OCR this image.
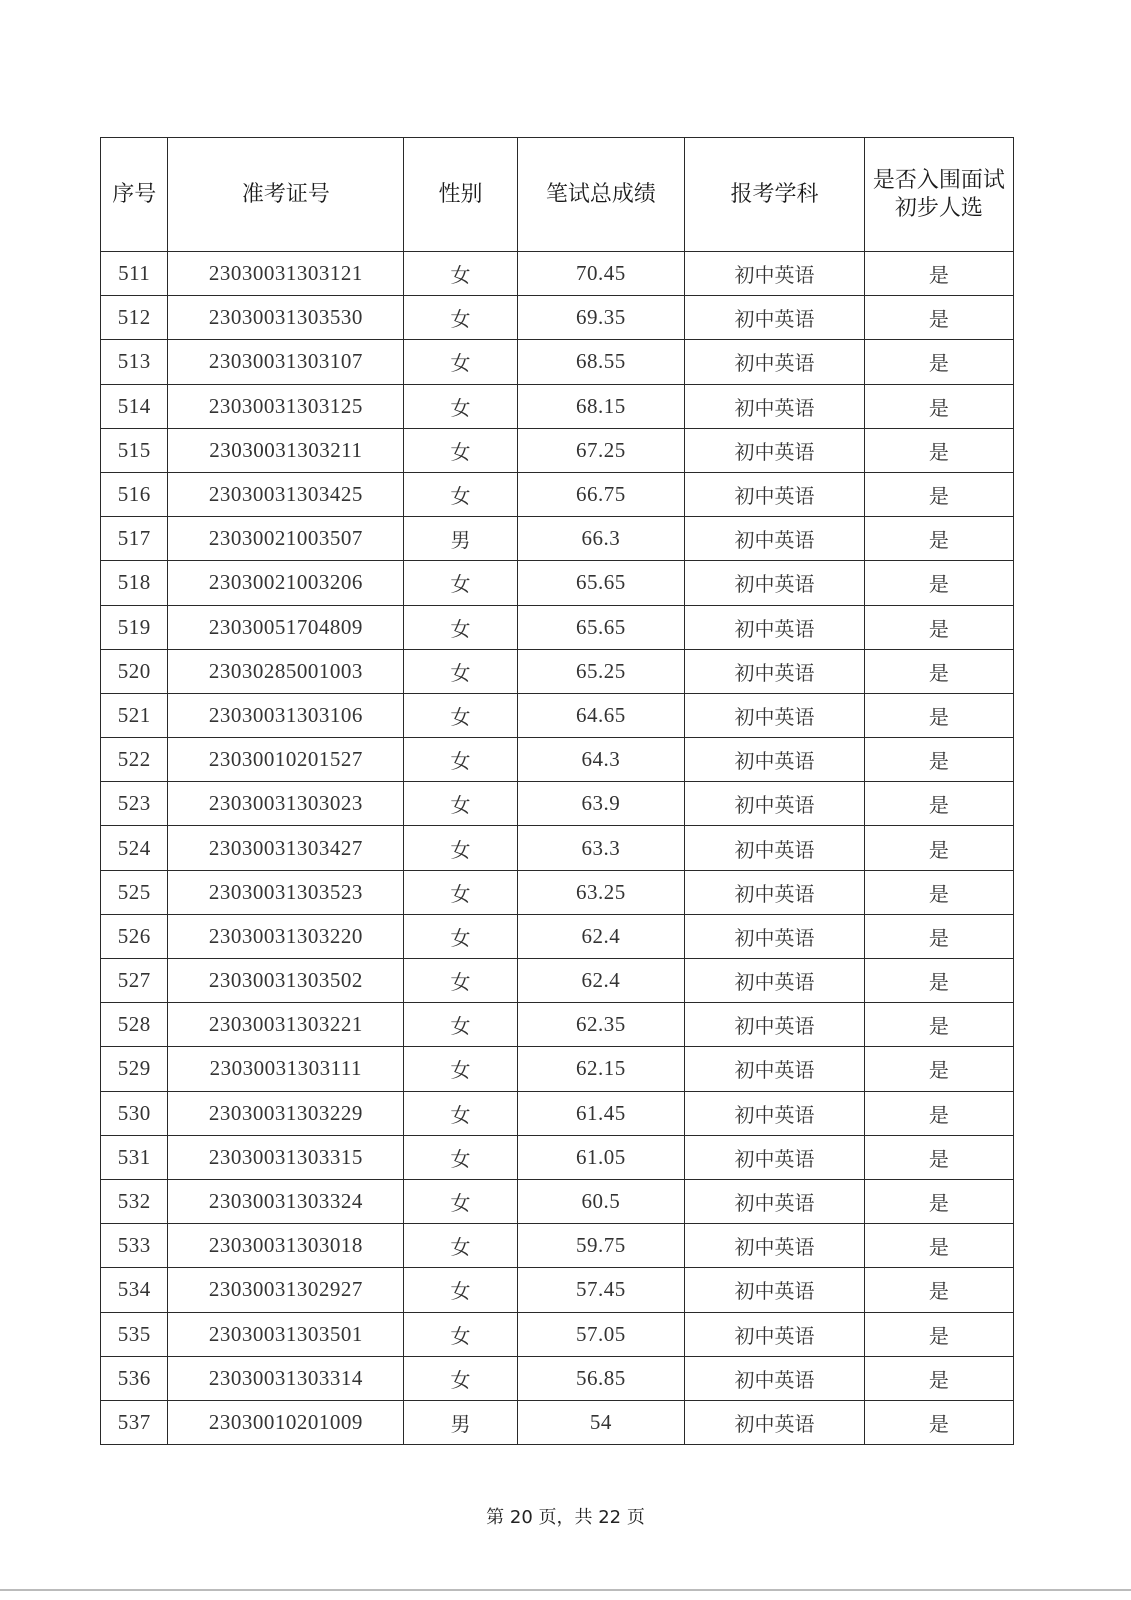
序号	准考证号	性别	笔试总成绩	报考学科	是否入围面试初步人选
511	23030031303121	女	70.45	初中英语	是
512	23030031303530	女	69.35	初中英语	是
513	23030031303107	女	68.55	初中英语	是
514	23030031303125	女	68.15	初中英语	是
515	23030031303211	女	67.25	初中英语	是
516	23030031303425	女	66.75	初中英语	是
517	23030021003507	男	66.3	初中英语	是
518	23030021003206	女	65.65	初中英语	是
519	23030051704809	女	65.65	初中英语	是
520	23030285001003	女	65.25	初中英语	是
521	23030031303106	女	64.65	初中英语	是
522	23030010201527	女	64.3	初中英语	是
523	23030031303023	女	63.9	初中英语	是
524	23030031303427	女	63.3	初中英语	是
525	23030031303523	女	63.25	初中英语	是
526	23030031303220	女	62.4	初中英语	是
527	23030031303502	女	62.4	初中英语	是
528	23030031303221	女	62.35	初中英语	是
529	23030031303111	女	62.15	初中英语	是
530	23030031303229	女	61.45	初中英语	是
531	23030031303315	女	61.05	初中英语	是
532	23030031303324	女	60.5	初中英语	是
533	23030031303018	女	59.75	初中英语	是
534	23030031302927	女	57.45	初中英语	是
535	23030031303501	女	57.05	初中英语	是
536	23030031303314	女	56.85	初中英语	是
537	23030010201009	男	54	初中英语	是
第 20 页，共 22 页
